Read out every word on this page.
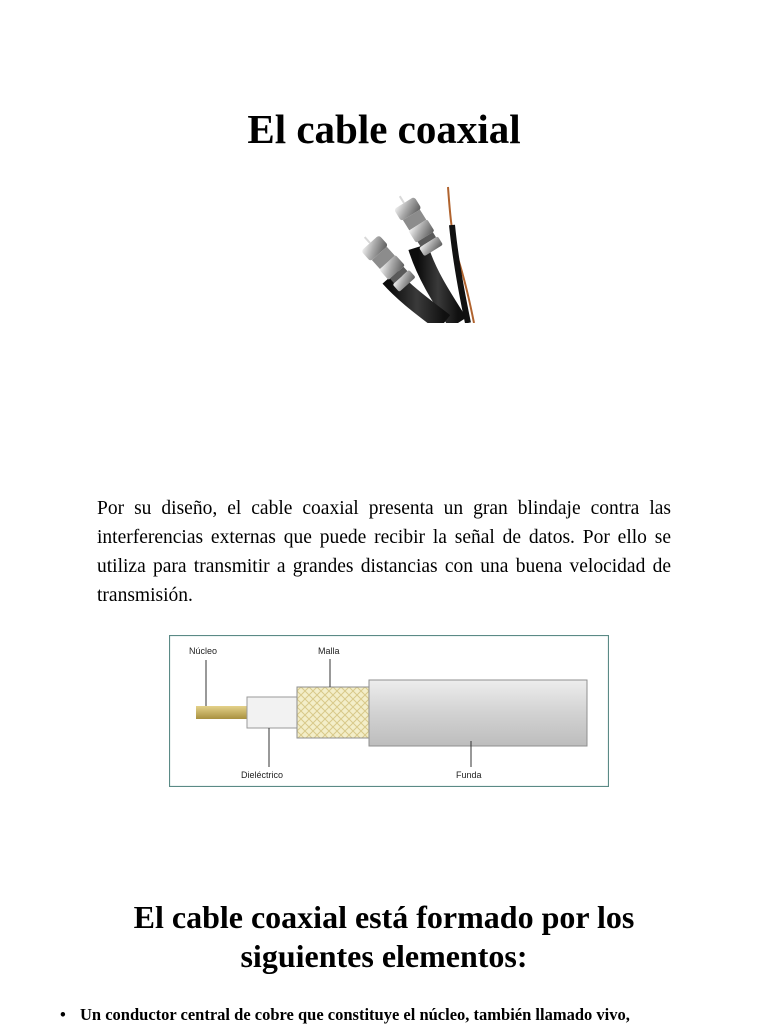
El cable coaxial

Por su diseño, el cable coaxial presenta un gran blindaje contra las interferencias externas que puede recibir la señal de datos. Por ello se utiliza para transmitir a grandes distancias con una buena velocidad de transmisión.

Núcleo	Malla
Dieléctrico	Funda
El cable coaxial está formado por los
siguientes elementos:
• Un conductor central de cobre que constituye el núcleo, también llamado vivo,
